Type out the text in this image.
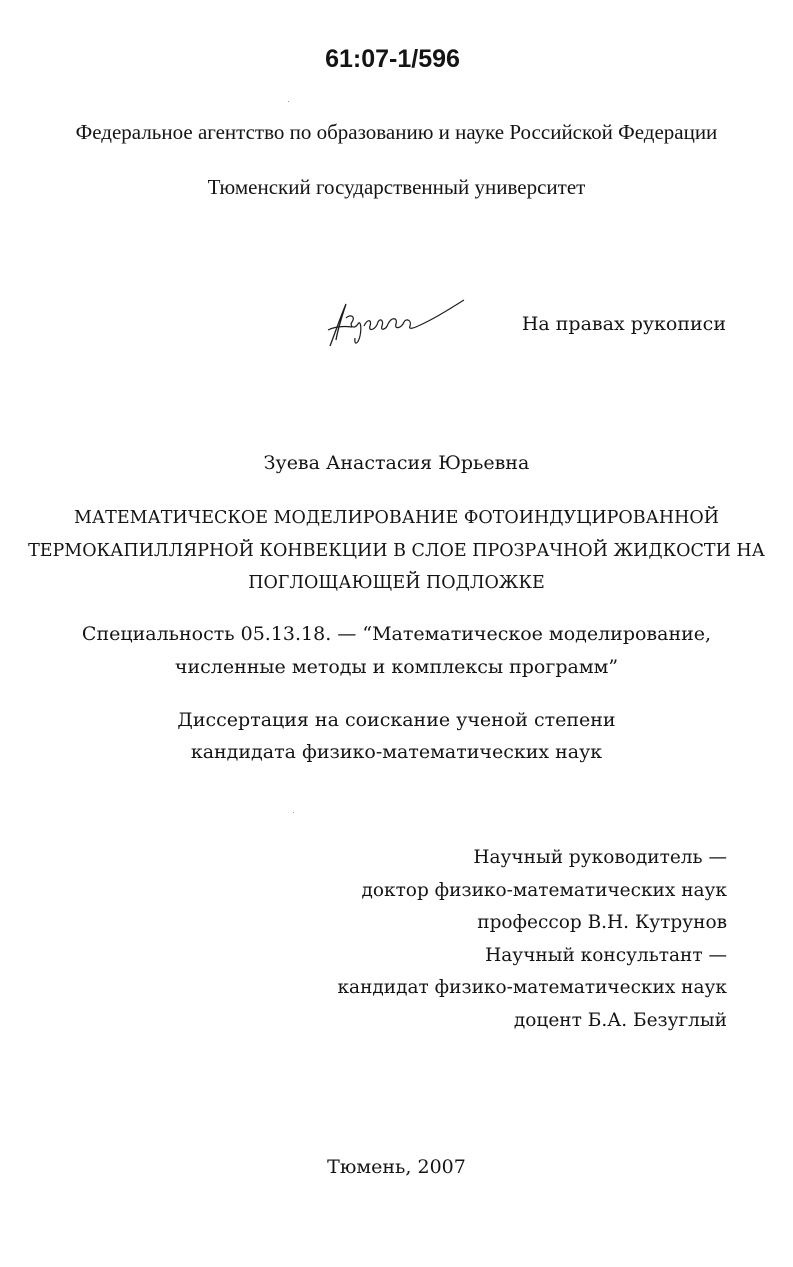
61:07-1/596
Федеральное агентство по образованию и науке Российской Федерации
Тюменский государственный университет
На правах рукописи
Зуева Анастасия Юрьевна
МАТЕМАТИЧЕСКОЕ МОДЕЛИРОВАНИЕ ФОТОИНДУЦИРОВАННОЙ
ТЕРМОКАПИЛЛЯРНОЙ КОНВЕКЦИИ В СЛОЕ ПРОЗРАЧНОЙ ЖИДКОСТИ НА
ПОГЛОЩАЮЩЕЙ ПОДЛОЖКЕ
Специальность 05.13.18. — “Математическое моделирование,
численные методы и комплексы программ”
Диссертация на соискание ученой степени
кандидата физико-математических наук
Научный руководитель —
доктор физико-математических наук
профессор В.Н. Кутрунов
Научный консультант —
кандидат физико-математических наук
доцент Б.А. Безуглый
Тюмень, 2007
